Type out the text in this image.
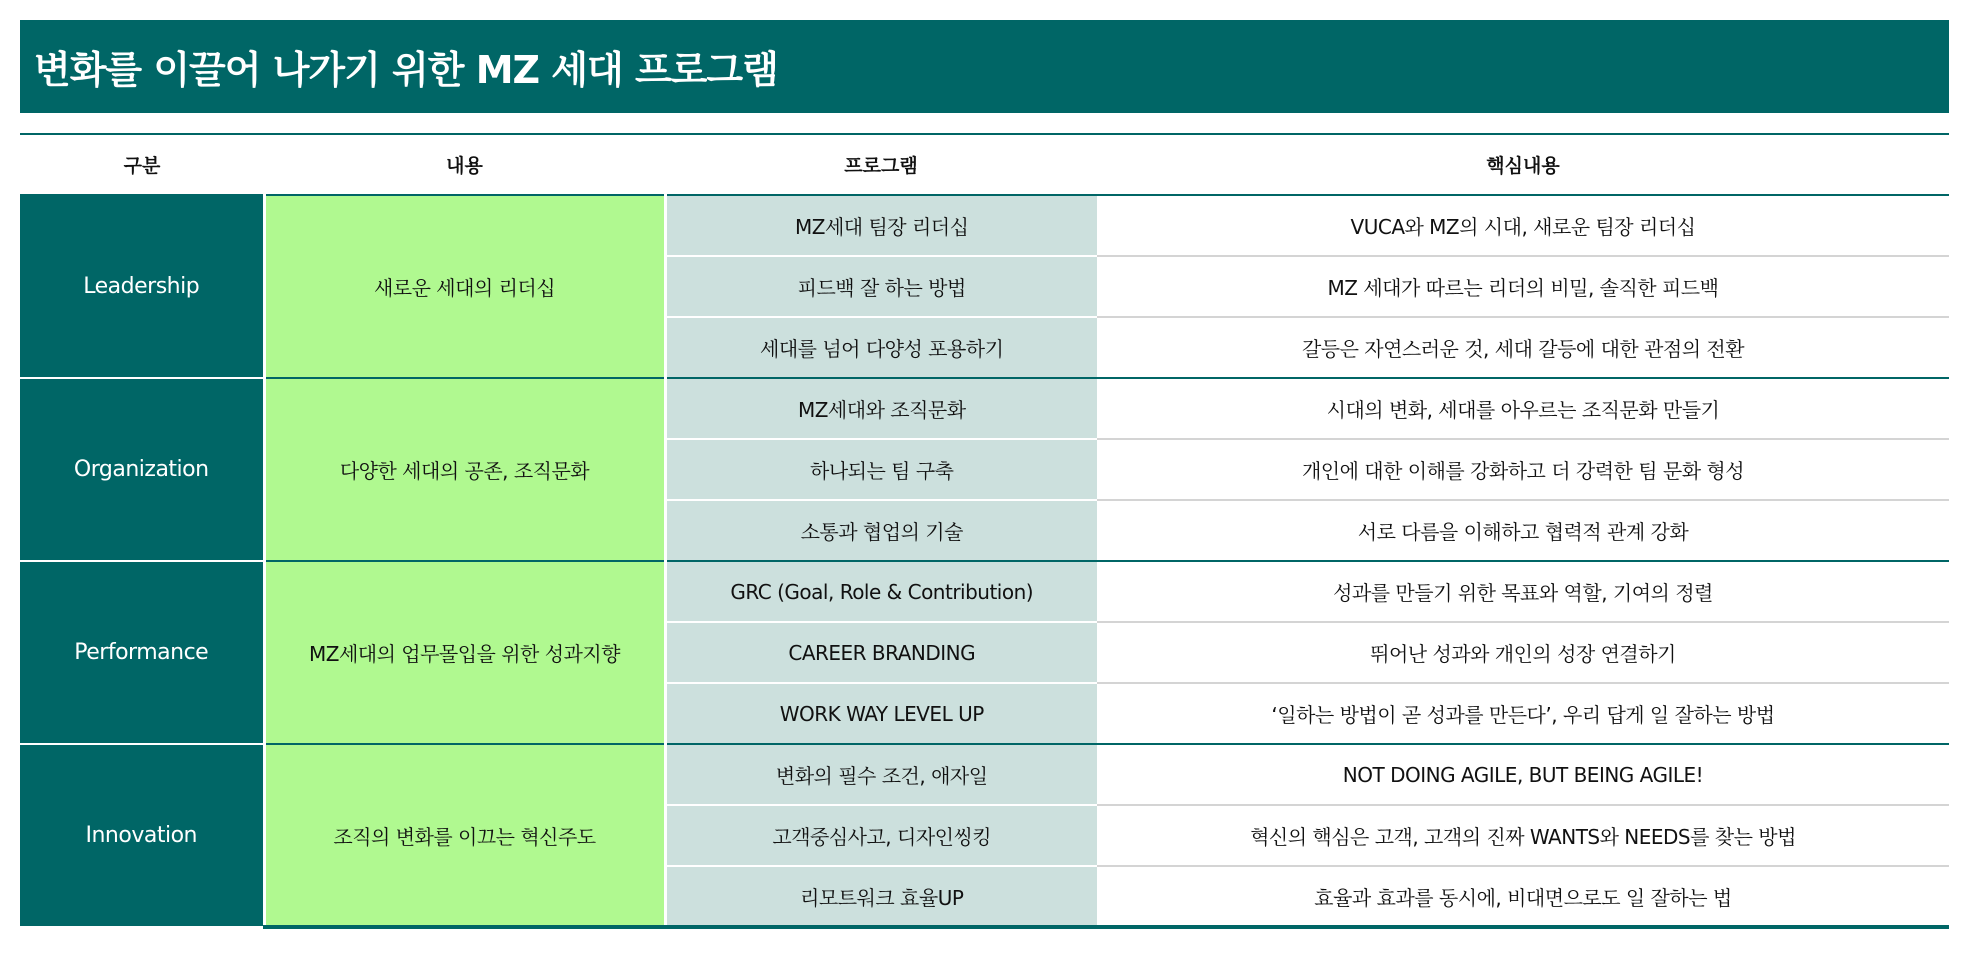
변화를 이끌어 나가기 위한 MZ 세대 프로그램
구분	내용	프로그램	핵심내용
Leadership	새로운 세대의 리더십	MZ세대 팀장 리더십	VUCA와 MZ의 시대, 새로운 팀장 리더십
		피드백 잘 하는 방법	MZ 세대가 따르는 리더의 비밀, 솔직한 피드백
		세대를 넘어 다양성 포용하기	갈등은 자연스러운 것, 세대 갈등에 대한 관점의 전환
Organization	다양한 세대의 공존, 조직문화	MZ세대와 조직문화	시대의 변화, 세대를 아우르는 조직문화 만들기
		하나되는 팀 구축	개인에 대한 이해를 강화하고 더 강력한 팀 문화 형성
		소통과 협업의 기술	서로 다름을 이해하고 협력적 관계 강화
Performance	MZ세대의 업무몰입을 위한 성과지향	GRC (Goal, Role & Contribution)	성과를 만들기 위한 목표와 역할, 기여의 정렬
		CAREER BRANDING	뛰어난 성과와 개인의 성장 연결하기
		WORK WAY LEVEL UP	‘일하는 방법이 곧 성과를 만든다’, 우리 답게 일 잘하는 방법
Innovation	조직의 변화를 이끄는 혁신주도	변화의 필수 조건, 애자일	NOT DOING AGILE, BUT BEING AGILE!
		고객중심사고, 디자인씽킹	혁신의 핵심은 고객, 고객의 진짜 WANTS와 NEEDS를 찾는 방법
		리모트워크 효율UP	효율과 효과를 동시에, 비대면으로도 일 잘하는 법
